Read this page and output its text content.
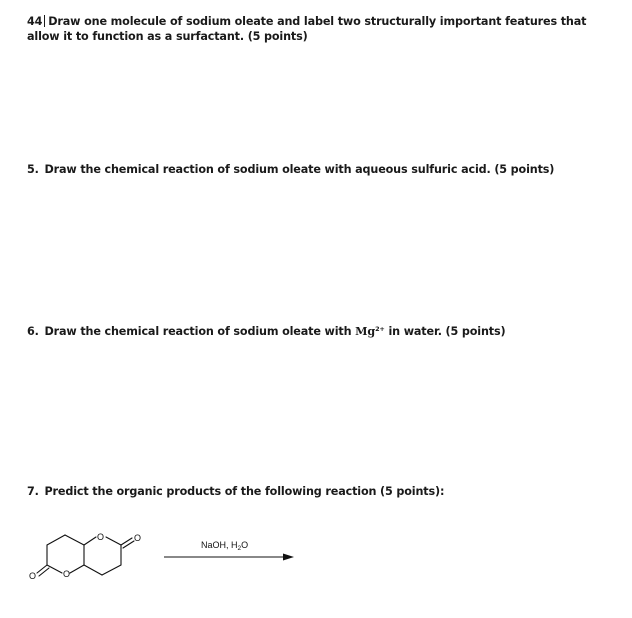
44 Draw one molecule of sodium oleate and label two structurally important features that allow it to function as a surfactant. (5 points)
5. Draw the chemical reaction of sodium oleate with aqueous sulfuric acid. (5 points)
6. Draw the chemical reaction of sodium oleate with $Mg^{2+}$ in water. (5 points)
7. Predict the organic products of the following reaction (5 points):
O	O
O
O
NaOH, $H_2O$
